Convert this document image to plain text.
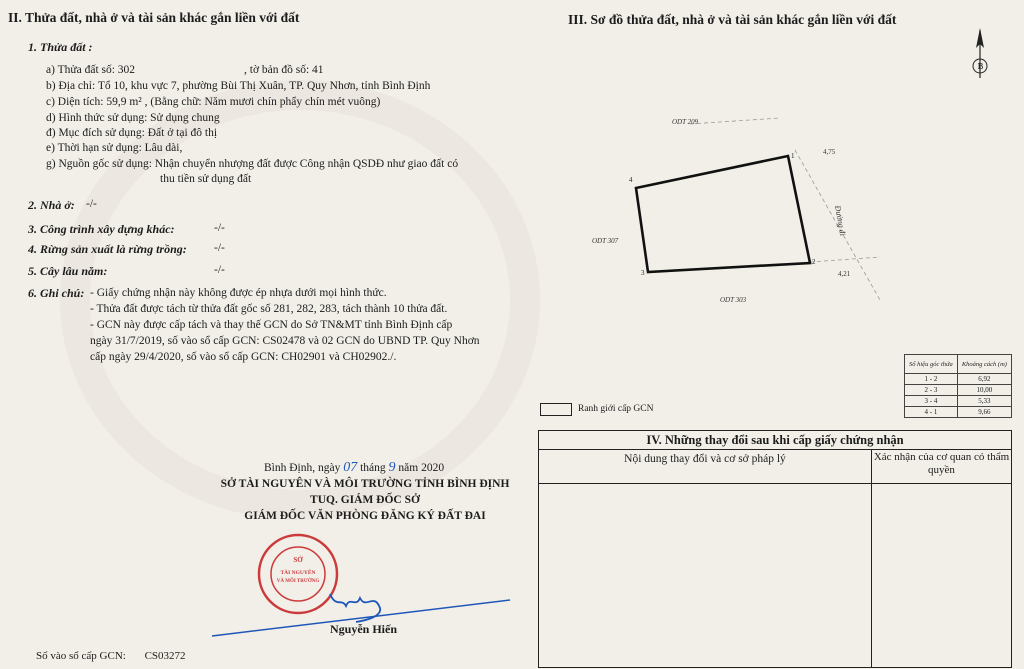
II. Thửa đất, nhà ở và tài sản khác gắn liền với đất
1. Thửa đất :
a) Thửa đất số: 302	, tờ bản đồ số: 41
b) Địa chỉ: Tổ 10, khu vực 7, phường Bùi Thị Xuân, TP. Quy Nhơn, tỉnh Bình Định
c) Diện tích: 59,9 m² , (Bằng chữ: Năm mươi chín phẩy chín mét vuông)
d) Hình thức sử dụng: Sử dụng chung
đ) Mục đích sử dụng: Đất ở tại đô thị
e) Thời hạn sử dụng: Lâu dài,
g) Nguồn gốc sử dụng: Nhận chuyển nhượng đất được Công nhận QSDĐ như giao đất có
thu tiền sử dụng đất
2. Nhà ở: -/-
3. Công trình xây dựng khác:	-/-
4. Rừng sản xuất là rừng trồng: -/-
5. Cây lâu năm:	-/-
6. Ghi chú: - Giấy chứng nhận này không được ép nhựa dưới mọi hình thức.
- Thửa đất được tách từ thửa đất gốc số 281, 282, 283, tách thành 10 thửa đất.
- GCN này được cấp tách và thay thế GCN do Sở TN&MT tỉnh Bình Định cấp
ngày 31/7/2019, số vào sổ cấp GCN: CS02478 và 02 GCN do UBND TP. Quy Nhơn
cấp ngày 29/4/2020, số vào sổ cấp GCN: CH02901 và CH02902./.
III. Sơ đồ thửa đất, nhà ở và tài sản khác gắn liền với đất
B
ODT 209
4,75
4,21
Đường đi
ODT 307
ODT 303
1
2
3
4
Số hiệu góc thửa	Khoảng cách (m)
1 - 2	6,92
2 - 3	10,00
3 - 4	5,33
4 - 1	9,66
Ranh giới cấp GCN
IV. Những thay đổi sau khi cấp giấy chứng nhận
Nội dung thay đổi và cơ sở pháp lý	Xác nhận của cơ quan có thẩm quyền
Bình Định, ngày 07 tháng 9 năm 2020
SỞ TÀI NGUYÊN VÀ MÔI TRƯỜNG TỈNH BÌNH ĐỊNH
TUQ. GIÁM ĐỐC SỞ
GIÁM ĐỐC VĂN PHÒNG ĐĂNG KÝ ĐẤT ĐAI
SỞ
TÀI NGUYÊN
VÀ MÔI TRƯỜNG
Nguyễn Hiến
Số vào sổ cấp GCN: CS03272
